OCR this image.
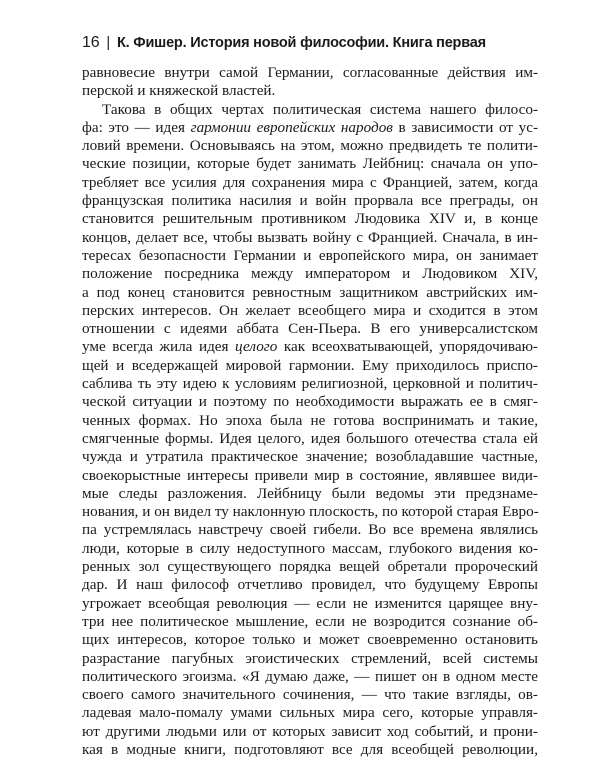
16 | К. Фишер. История новой философии. Книга первая
равновесие внутри самой Германии, согласованные действия им-
перской и княжеской властей.
Такова в общих чертах политическая система нашего филосо-
фа: это — идея гармонии европейских народов в зависимости от ус-
ловий времени. Основываясь на этом, можно предвидеть те полити-
ческие позиции, которые будет занимать Лейбниц: сначала он упо-
требляет все усилия для сохранения мира с Францией, затем, когда
французская политика насилия и войн прорвала все преграды, он
становится решительным противником Людовика XIV и, в конце
концов, делает все, чтобы вызвать войну с Францией. Сначала, в ин-
тересах безопасности Германии и европейского мира, он занимает
положение посредника между императором и Людовиком XIV,
а под конец становится ревностным защитником австрийских им-
перских интересов. Он желает всеобщего мира и сходится в этом
отношении с идеями аббата Сен-Пьера. В его универсалистском
уме всегда жила идея целого как всеохватывающей, упорядочиваю-
щей и вседержащей мировой гармонии. Ему приходилось приспо-
саблива ть эту идею к условиям религиозной, церковной и политич-
ческой ситуации и поэтому по необходимости выражать ее в смяг-
ченных формах. Но эпоха была не готова воспринимать и такие,
смягченные формы. Идея целого, идея большого отечества стала ей
чужда и утратила практическое значение; возобладавшие частные,
своекорыстные интересы привели мир в состояние, являвшее види-
мые следы разложения. Лейбницу были ведомы эти предзнаме-
нования, и он видел ту наклонную плоскость, по которой старая Евро-
па устремлялась навстречу своей гибели. Во все времена являлись
люди, которые в силу недоступного массам, глубокого видения ко-
ренных зол существующего порядка вещей обретали пророческий
дар. И наш философ отчетливо провидел, что будущему Европы
угрожает всеобщая революция — если не изменится царящее вну-
три нее политическое мышление, если не возродится сознание об-
щих интересов, которое только и может своевременно остановить
разрастание пагубных эгоистических стремлений, всей системы
политического эгоизма. «Я думаю даже, — пишет он в одном месте
своего самого значительного сочинения, — что такие взгляды, ов-
ладевая мало-помалу умами сильных мира сего, которые управля-
ют другими людьми или от которых зависит ход событий, и прони-
кая в модные книги, подготовляют все для всеобщей революции,
